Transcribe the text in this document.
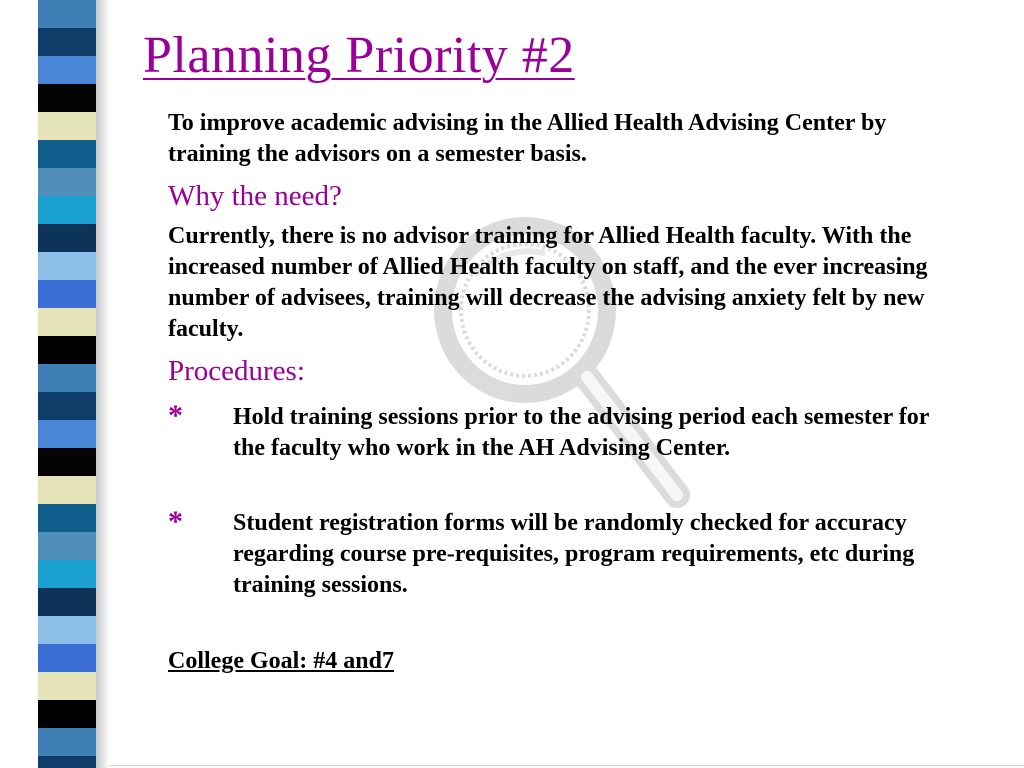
Planning Priority #2
To improve academic advising in the Allied Health Advising Center by training the advisors on a semester basis.
Why the need?
Currently, there is no advisor training for Allied Health faculty. With the increased number of Allied Health faculty on staff, and the ever increasing number of advisees, training will decrease the advising anxiety felt by new faculty.
Procedures:
* Hold training sessions prior to the advising period each semester for the faculty who work in the AH Advising Center.
* Student registration forms will be randomly checked for accuracy regarding course pre-requisites, program requirements, etc during training sessions.
College Goal: #4 and7
